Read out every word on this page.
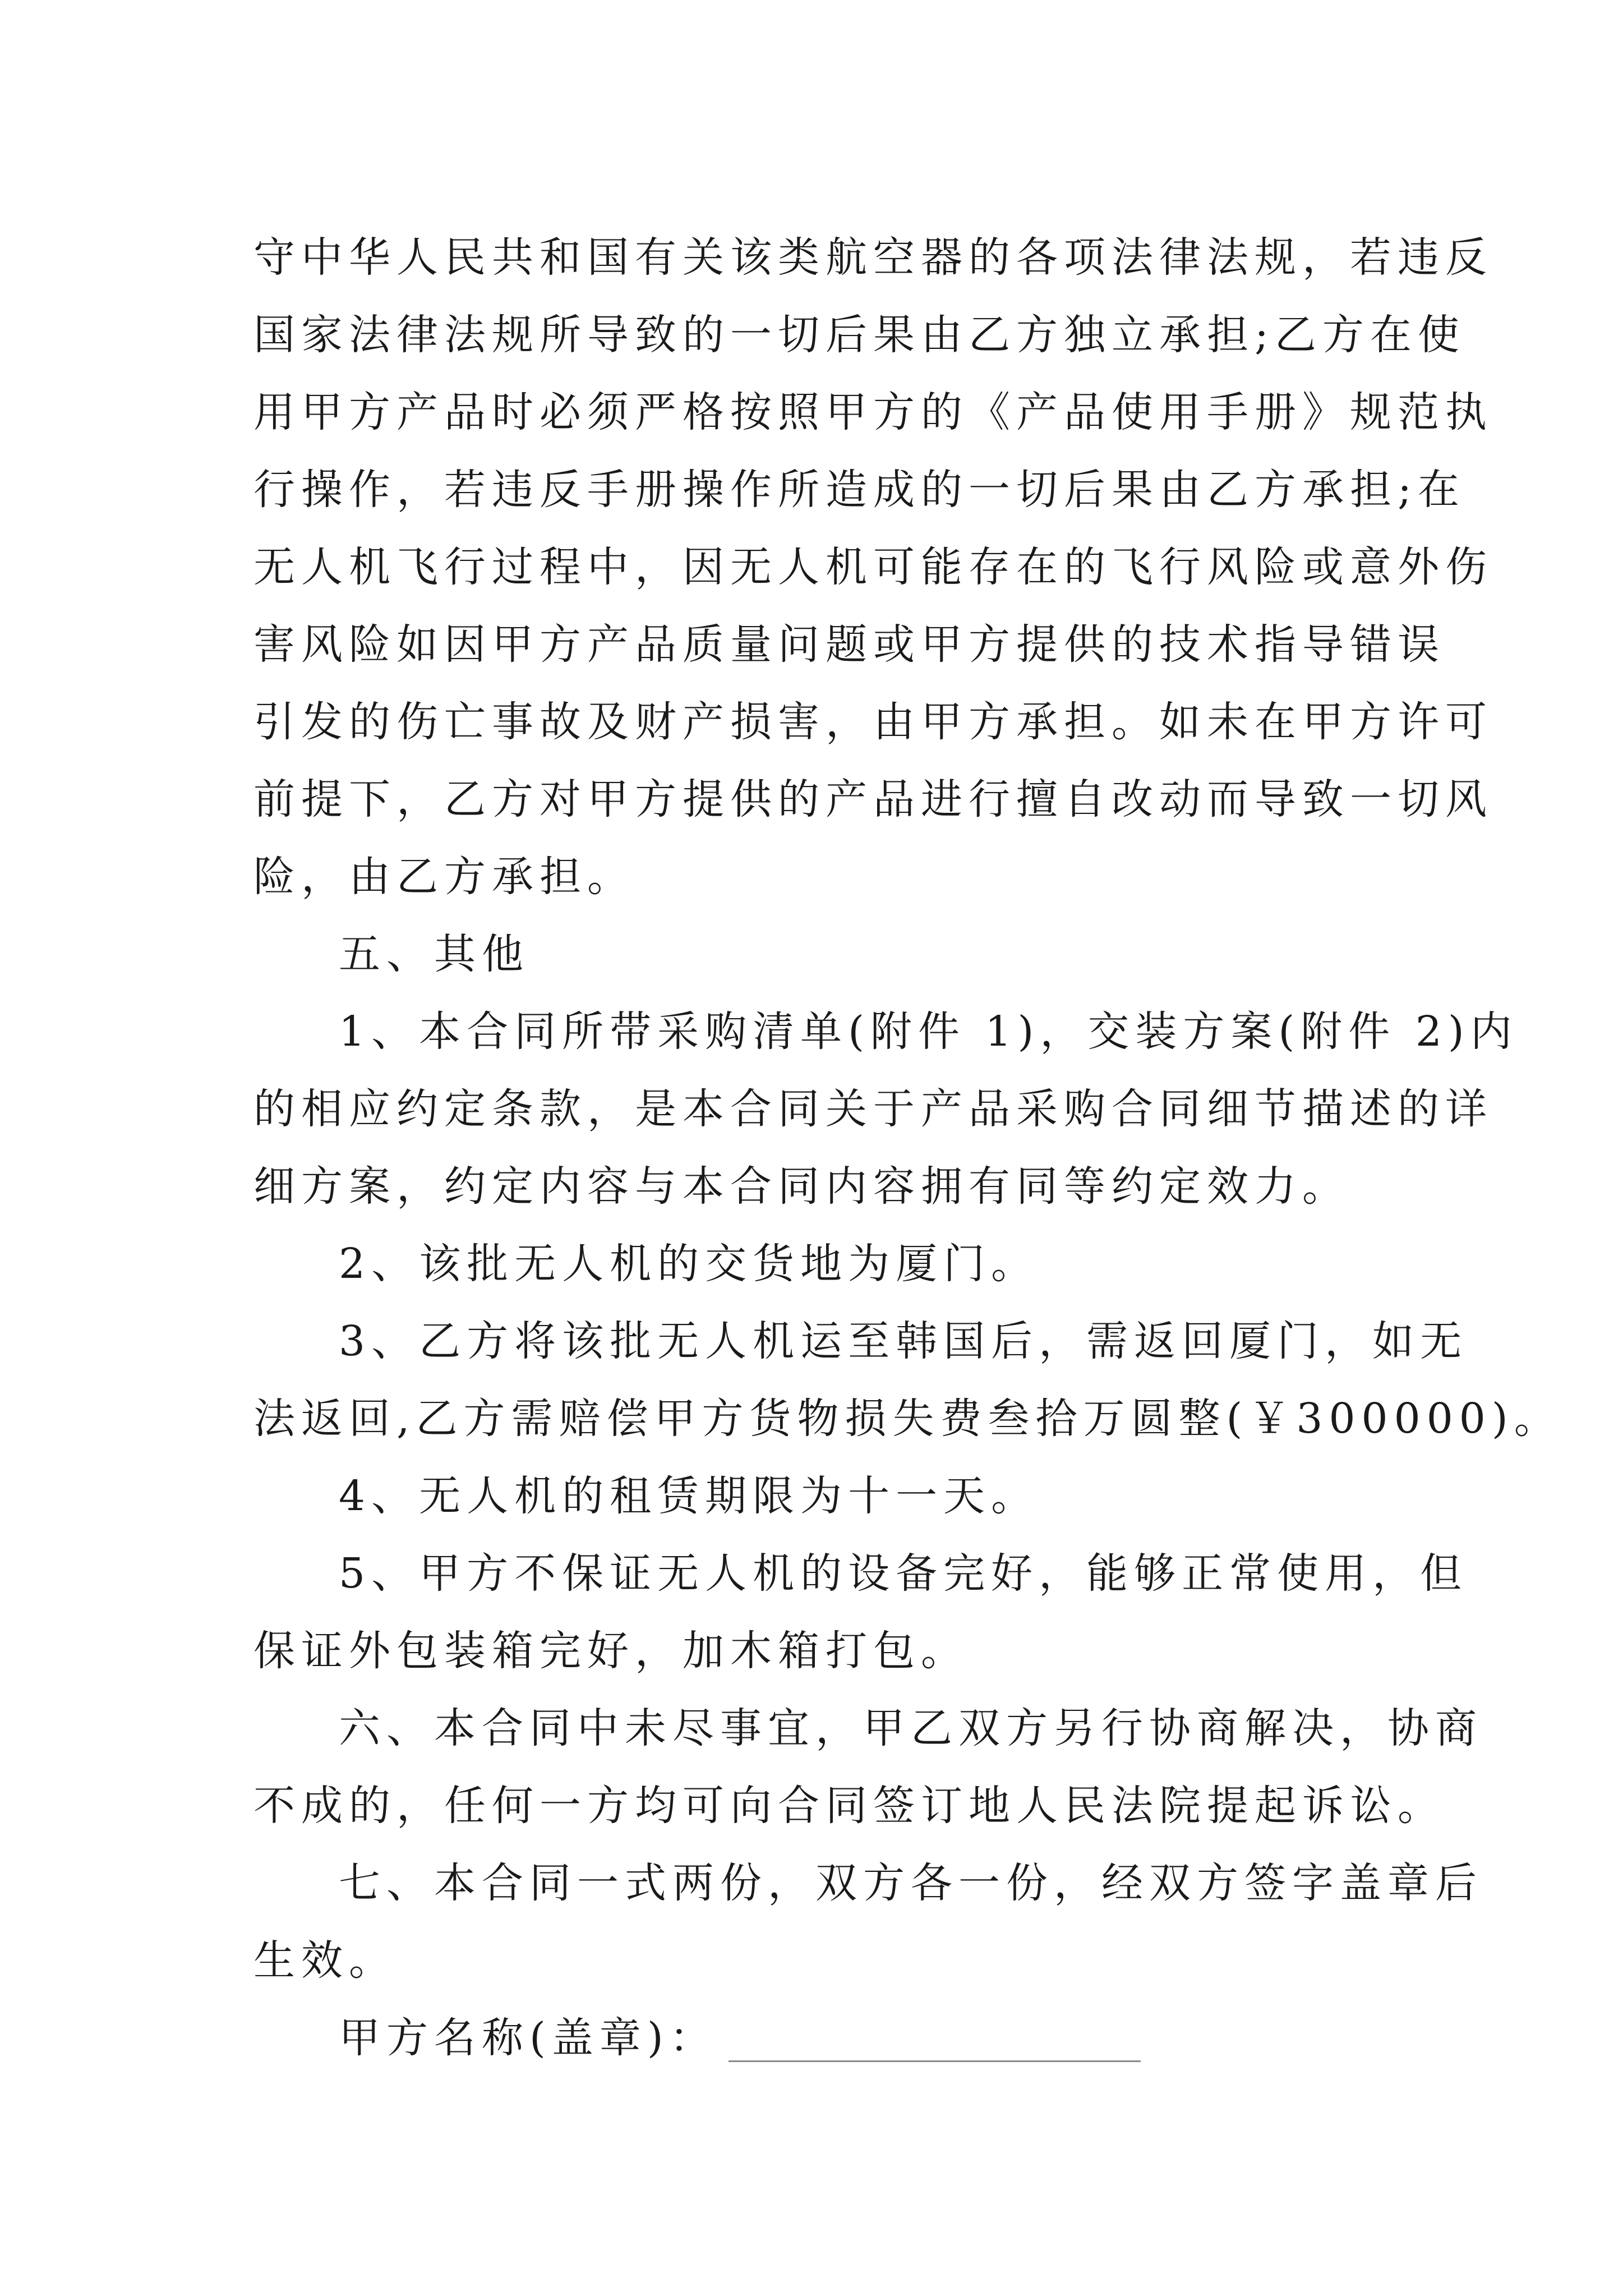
守中华人民共和国有关该类航空器的各项法律法规，若违反
国家法律法规所导致的一切后果由乙方独立承担;乙方在使
用甲方产品时必须严格按照甲方的《产品使用手册》规范执
行操作，若违反手册操作所造成的一切后果由乙方承担;在
无人机飞行过程中，因无人机可能存在的飞行风险或意外伤
害风险如因甲方产品质量问题或甲方提供的技术指导错误
引发的伤亡事故及财产损害，由甲方承担。如未在甲方许可
前提下，乙方对甲方提供的产品进行擅自改动而导致一切风
险，由乙方承担。
五、其他
1、本合同所带采购清单(附件 1)，交装方案(附件 2)内
的相应约定条款，是本合同关于产品采购合同细节描述的详
细方案，约定内容与本合同内容拥有同等约定效力。
2、该批无人机的交货地为厦门。
3、乙方将该批无人机运至韩国后，需返回厦门，如无
法返回,乙方需赔偿甲方货物损失费叁拾万圆整(￥300000)。
4、无人机的租赁期限为十一天。
5、甲方不保证无人机的设备完好，能够正常使用，但
保证外包装箱完好，加木箱打包。
六、本合同中未尽事宜，甲乙双方另行协商解决，协商
不成的，任何一方均可向合同签订地人民法院提起诉讼。
七、本合同一式两份，双方各一份，经双方签字盖章后
生效。
甲方名称(盖章)：
